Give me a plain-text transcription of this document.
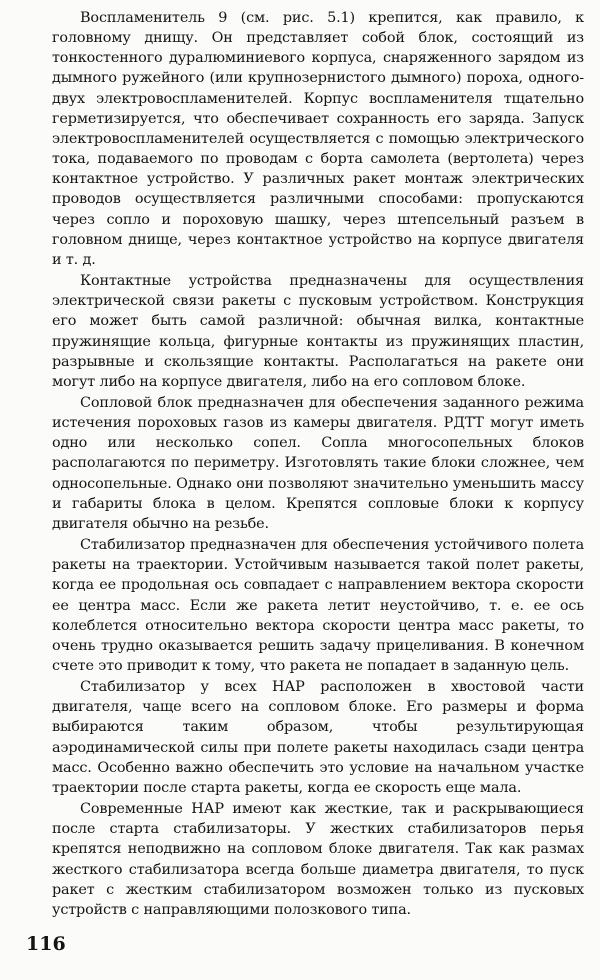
Воспламенитель 9 (см. рис. 5.1) крепится, как правило, к головному днищу. Он представляет собой блок, состоящий из тонкостенного дуралюминиевого корпуса, снаряженного зарядом из дымного ружейного (или крупнозернистого дымного) пороха, одного-двух электровоспламенителей. Корпус воспламенителя тщательно герметизируется, что обеспечивает сохранность его заряда. Запуск электровоспламенителей осуществляется с помощью электрического тока, подаваемого по проводам с борта самолета (вертолета) через контактное устройство. У различных ракет монтаж электрических проводов осуществляется различными способами: пропускаются через сопло и пороховую шашку, через штепсельный разъем в головном днище, через контактное устройство на корпусе двигателя и т. д.

Контактные устройства предназначены для осуществления электрической связи ракеты с пусковым устройством. Конструкция его может быть самой различной: обычная вилка, контактные пружинящие кольца, фигурные контакты из пружинящих пластин, разрывные и скользящие контакты. Располагаться на ракете они могут либо на корпусе двигателя, либо на его сопловом блоке.

Сопловой блок предназначен для обеспечения заданного режима истечения пороховых газов из камеры двигателя. РДТТ могут иметь одно или несколько сопел. Сопла многосопельных блоков располагаются по периметру. Изготовлять такие блоки сложнее, чем односопельные. Однако они позволяют значительно уменьшить массу и габариты блока в целом. Крепятся сопловые блоки к корпусу двигателя обычно на резьбе.

Стабилизатор предназначен для обеспечения устойчивого полета ракеты на траектории. Устойчивым называется такой полет ракеты, когда ее продольная ось совпадает с направлением вектора скорости ее центра масс. Если же ракета летит неустойчиво, т. е. ее ось колеблется относительно вектора скорости центра масс ракеты, то очень трудно оказывается решить задачу прицеливания. В конечном счете это приводит к тому, что ракета не попадает в заданную цель.

Стабилизатор у всех НАР расположен в хвостовой части двигателя, чаще всего на сопловом блоке. Его размеры и форма выбираются таким образом, чтобы результирующая аэродинамической силы при полете ракеты находилась сзади центра масс. Особенно важно обеспечить это условие на начальном участке траектории после старта ракеты, когда ее скорость еще мала.

Современные НАР имеют как жесткие, так и раскрывающиеся после старта стабилизаторы. У жестких стабилизаторов перья крепятся неподвижно на сопловом блоке двигателя. Так как размах жесткого стабилизатора всегда больше диаметра двигателя, то пуск ракет с жестким стабилизатором возможен только из пусковых устройств с направляющими полозкового типа.

116
